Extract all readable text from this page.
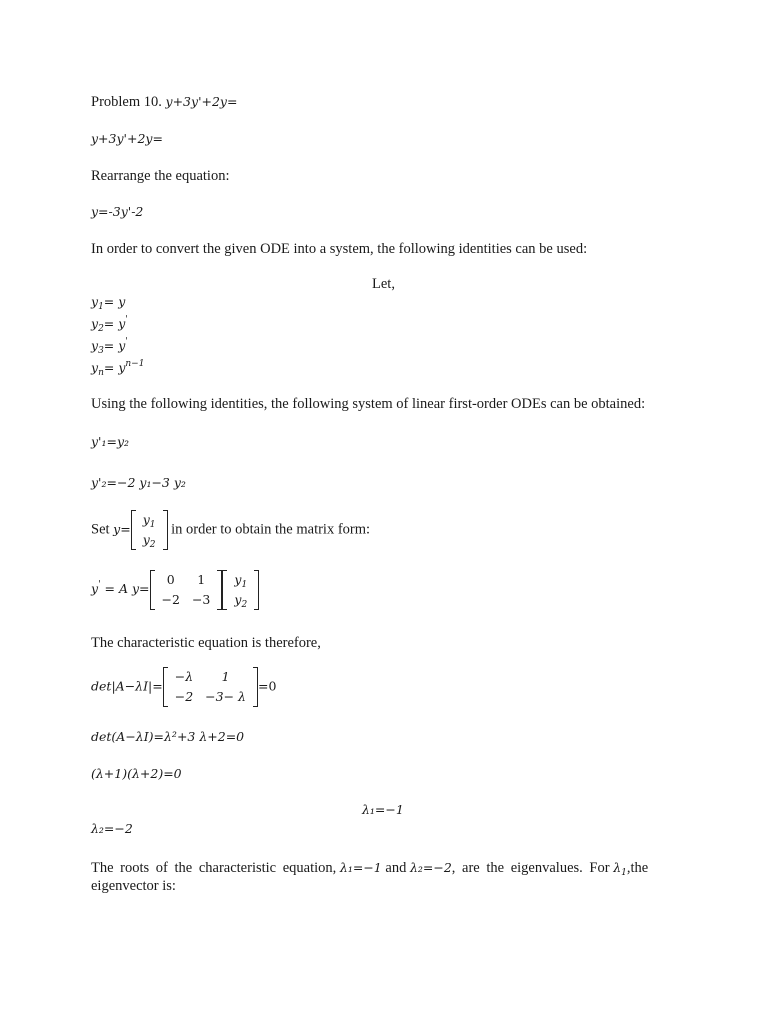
Problem 10. y+3y'+2y=
y+3y'+2y=
Rearrange the equation:
y=-3y'-2
In order to convert the given ODE into a system, the following identities can be used:
Let,
$y_1= y$
$y_2= y'$
$y_3= y'$
$y_n= y^{n-1}$
Using the following identities, the following system of linear first-order ODEs can be obtained:
y'₁=y₂
y'₂=−2 y₁−3 y₂
Set y=
$y_1$
$y_2$
in order to obtain the matrix form:
y' = A y=
0	1
−2 −3
$y_1$
$y_2$
The characteristic equation is therefore,
det|A−λI|=
−λ	1
−2 −3− λ
=0
det(A−λI)=λ²+3 λ+2=0
(λ+1)(λ+2)=0
λ₁=−1
λ₂=−2
The roots of the characteristic equation, λ₁=−1 and λ₂=−2, are the eigenvalues. For $\lambda_1,the$
eigenvector is:
